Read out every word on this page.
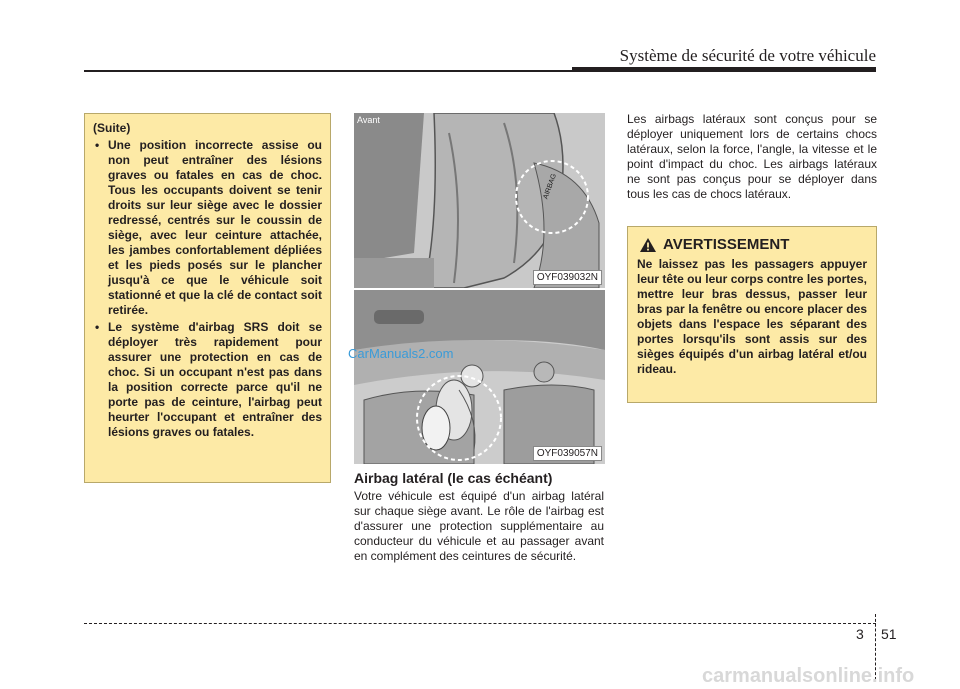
Système de sécurité de votre véhicule
(Suite)
• Une position incorrecte assise ou non peut entraîner des lésions graves ou fatales en cas de choc. Tous les occupants doivent se tenir droits sur leur siège avec le dossier redressé, centrés sur le coussin de siège, avec leur ceinture attachée, les jambes confortablement dépliées et les pieds posés sur le plancher jusqu'à ce que le véhicule soit stationné et que la clé de contact soit retirée.
• Le système d'airbag SRS doit se déployer très rapidement pour assurer une protection en cas de choc. Si un occupant n'est pas dans la position correcte parce qu'il ne porte pas de ceinture, l'airbag peut heurter l'occupant et entraîner des lésions graves ou fatales.
Avant
AIRBAG
OYF039032N
OYF039057N
Airbag latéral (le cas échéant)
Votre véhicule est équipé d'un airbag latéral sur chaque siège avant. Le rôle de l'airbag est d'assurer une protection supplémentaire au conducteur du véhicule et au passager avant en complément des ceintures de sécurité.
Les airbags latéraux sont conçus pour se déployer uniquement lors de certains chocs latéraux, selon la force, l'angle, la vitesse et le point d'impact du choc. Les airbags latéraux ne sont pas conçus pour se déployer dans tous les cas de chocs latéraux.
AVERTISSEMENT
Ne laissez pas les passagers appuyer leur tête ou leur corps contre les portes, mettre leur bras dessus, passer leur bras par la fenêtre ou encore placer des objets dans l'espace les séparant des portes lorsqu'ils sont assis sur des sièges équipés d'un airbag latéral et/ou rideau.
CarManuals2.com
3 51
carmanualsonline.info
